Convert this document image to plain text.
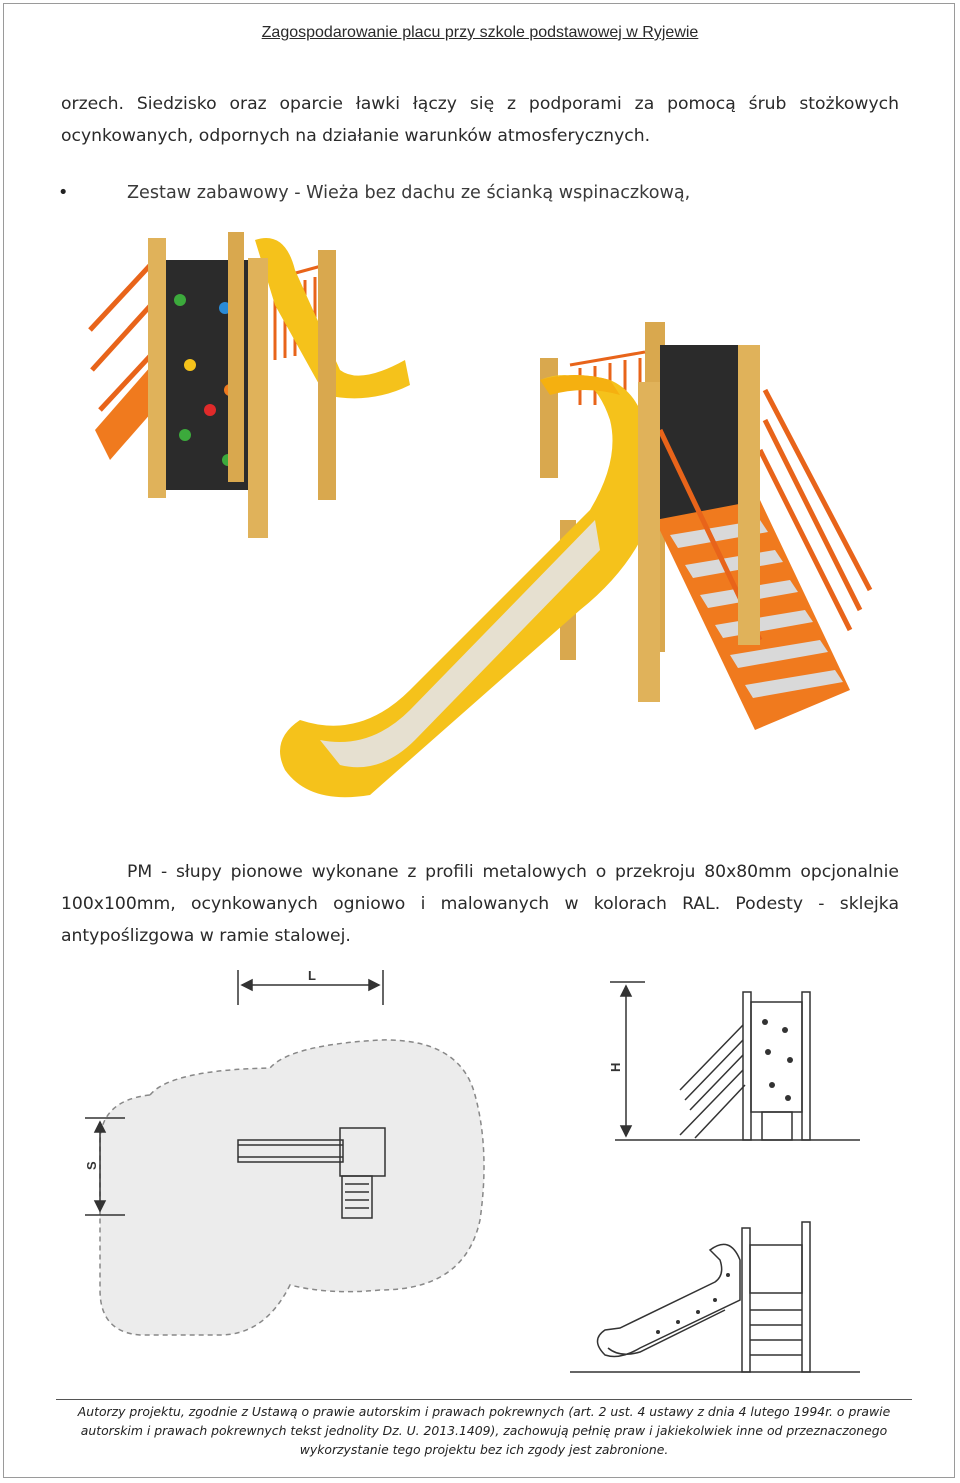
Zagospodarowanie placu przy szkole podstawowej w Ryjewie
orzech. Siedzisko oraz oparcie ławki łączy się z podporami za pomocą śrub stożkowych ocynkowanych, odpornych na działanie warunków atmosferycznych.
•	Zestaw zabawowy - Wieża bez dachu ze ścianką wspinaczkową,
PM - słupy pionowe wykonane z profili metalowych o przekroju 80x80mm opcjonalnie 100x100mm, ocynkowanych ogniowo i malowanych w kolorach RAL. Podesty - sklejka antypoślizgowa w ramie stalowej.
L
S
H
Autorzy projektu, zgodnie z Ustawą o prawie autorskim i prawach pokrewnych (art. 2 ust. 4 ustawy z dnia 4 lutego 1994r. o prawie
autorskim i prawach pokrewnych tekst jednolity Dz. U. 2013.1409), zachowują pełnię praw i jakiekolwiek inne od przeznaczonego
wykorzystanie tego projektu bez ich zgody jest zabronione.
